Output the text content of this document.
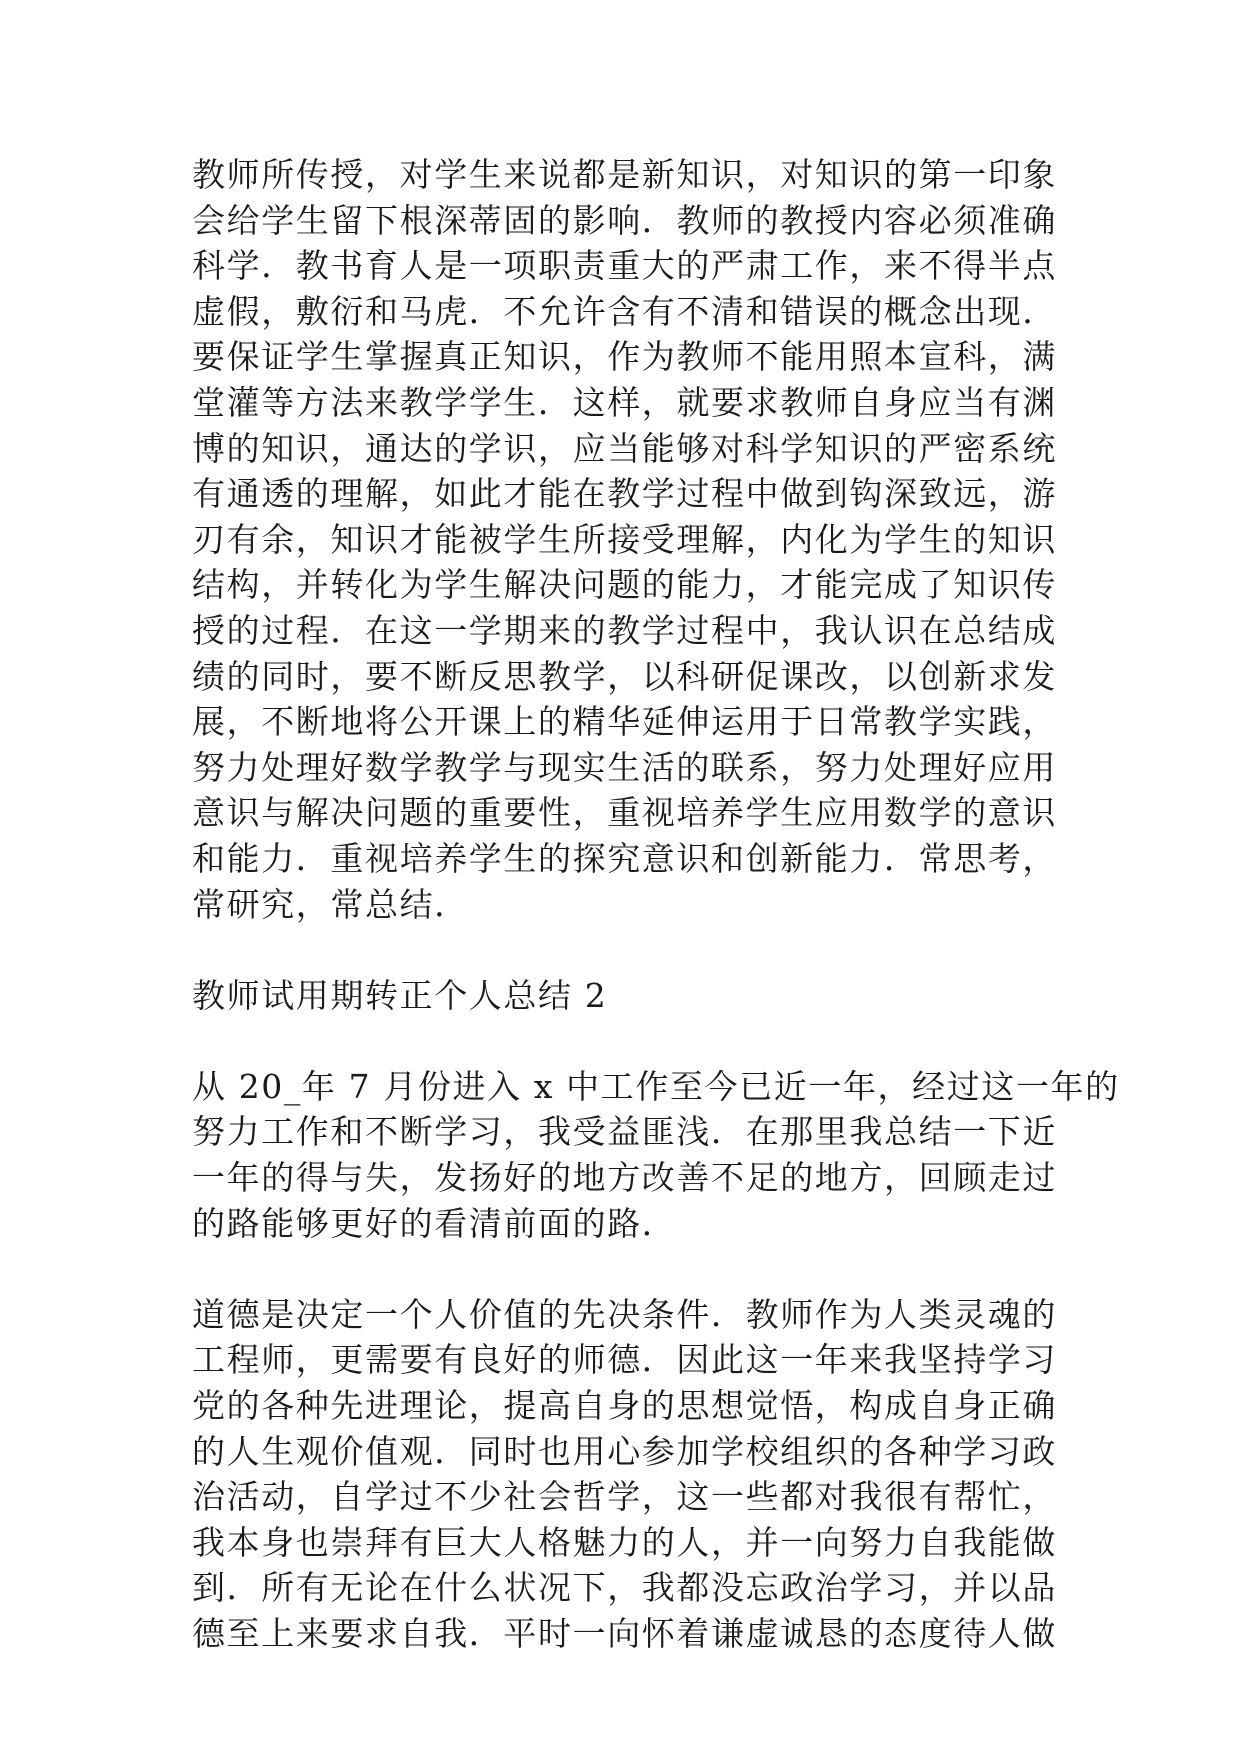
教师所传授，对学生来说都是新知识，对知识的第一印象
会给学生留下根深蒂固的影响．教师的教授内容必须准确
科学．教书育人是一项职责重大的严肃工作，来不得半点
虚假，敷衍和马虎．不允许含有不清和错误的概念出现．
要保证学生掌握真正知识，作为教师不能用照本宣科，满
堂灌等方法来教学学生．这样，就要求教师自身应当有渊
博的知识，通达的学识，应当能够对科学知识的严密系统
有通透的理解，如此才能在教学过程中做到钩深致远，游
刃有余，知识才能被学生所接受理解，内化为学生的知识
结构，并转化为学生解决问题的能力，才能完成了知识传
授的过程．在这一学期来的教学过程中，我认识在总结成
绩的同时，要不断反思教学，以科研促课改，以创新求发
展，不断地将公开课上的精华延伸运用于日常教学实践，
努力处理好数学教学与现实生活的联系，努力处理好应用
意识与解决问题的重要性，重视培养学生应用数学的意识
和能力．重视培养学生的探究意识和创新能力．常思考，
常研究，常总结．
教师试用期转正个人总结 2
从 20_年 7 月份进入 x 中工作至今已近一年，经过这一年的
努力工作和不断学习，我受益匪浅．在那里我总结一下近
一年的得与失，发扬好的地方改善不足的地方，回顾走过
的路能够更好的看清前面的路．
道德是决定一个人价值的先决条件．教师作为人类灵魂的
工程师，更需要有良好的师德．因此这一年来我坚持学习
党的各种先进理论，提高自身的思想觉悟，构成自身正确
的人生观价值观．同时也用心参加学校组织的各种学习政
治活动，自学过不少社会哲学，这一些都对我很有帮忙，
我本身也崇拜有巨大人格魅力的人，并一向努力自我能做
到．所有无论在什么状况下，我都没忘政治学习，并以品
德至上来要求自我．平时一向怀着谦虚诚恳的态度待人做
